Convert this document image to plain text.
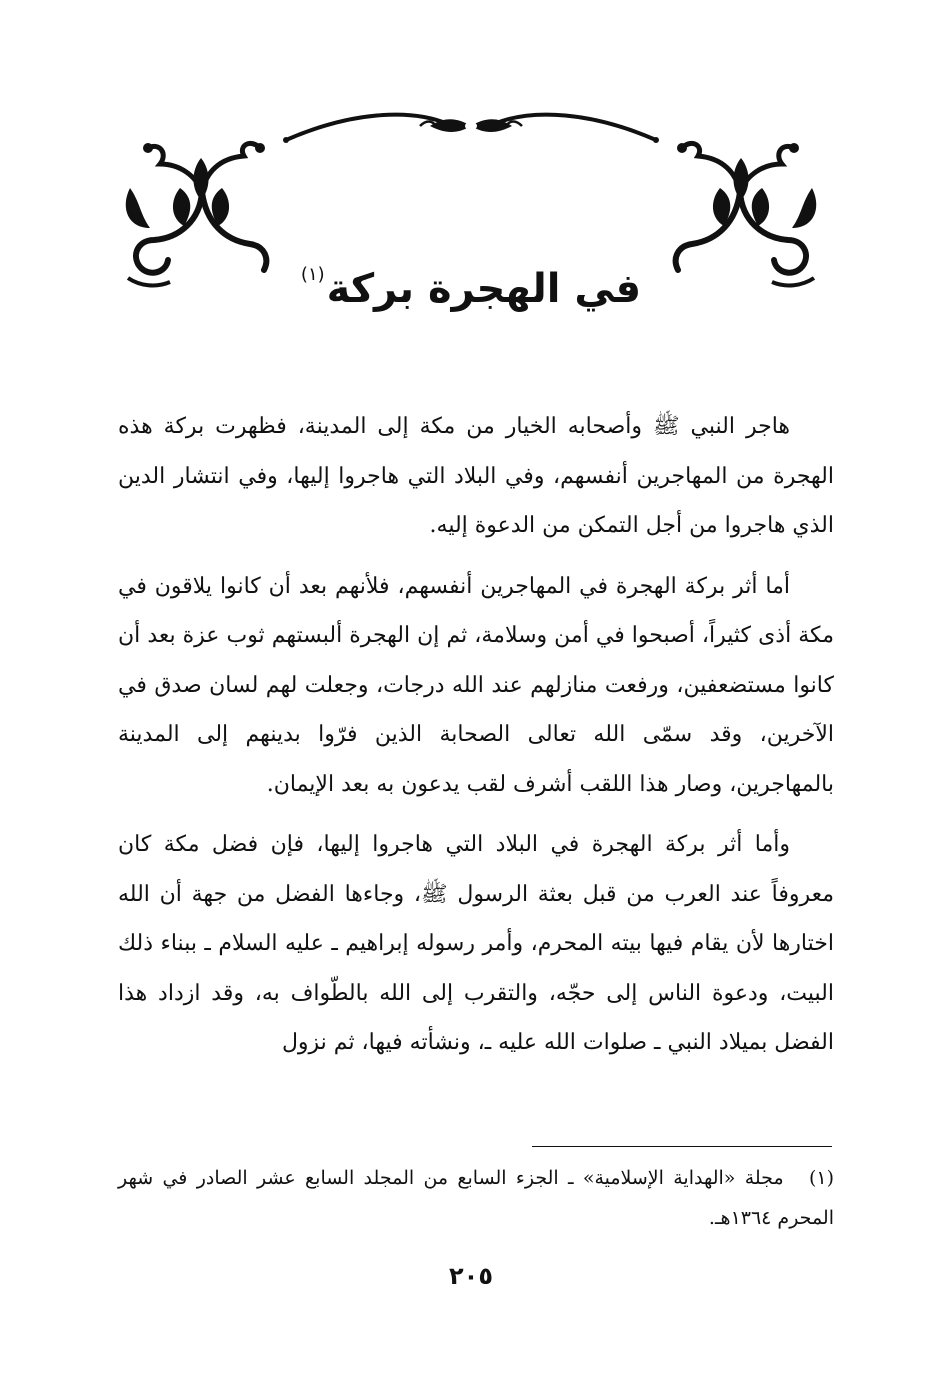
في الهجرة بركة$^{(١)}$

هاجر النبي ﷺ وأصحابه الخيار من مكة إلى المدينة، فظهرت بركة هذه الهجرة من المهاجرين أنفسهم، وفي البلاد التي هاجروا إليها، وفي انتشار الدين الذي هاجروا من أجل التمكن من الدعوة إليه.

أما أثر بركة الهجرة في المهاجرين أنفسهم، فلأنهم بعد أن كانوا يلاقون في مكة أذى كثيراً، أصبحوا في أمن وسلامة، ثم إن الهجرة ألبستهم ثوب عزة بعد أن كانوا مستضعفين، ورفعت منازلهم عند الله درجات، وجعلت لهم لسان صدق في الآخرين، وقد سمّى الله تعالى الصحابة الذين فرّوا بدينهم إلى المدينة بالمهاجرين، وصار هذا اللقب أشرف لقب يدعون به بعد الإيمان.

وأما أثر بركة الهجرة في البلاد التي هاجروا إليها، فإن فضل مكة كان معروفاً عند العرب من قبل بعثة الرسول ﷺ، وجاءها الفضل من جهة أن الله اختارها لأن يقام فيها بيته المحرم، وأمر رسوله إبراهيم ـ عليه السلام ـ ببناء ذلك البيت، ودعوة الناس إلى حجّه، والتقرب إلى الله بالطّواف به، وقد ازداد هذا الفضل بميلاد النبي ـ صلوات الله عليه ـ، ونشأته فيها، ثم نزول

(١) مجلة «الهداية الإسلامية» ـ الجزء السابع من المجلد السابع عشر الصادر في شهر المحرم ١٣٦٤هـ.
٢٠٥
